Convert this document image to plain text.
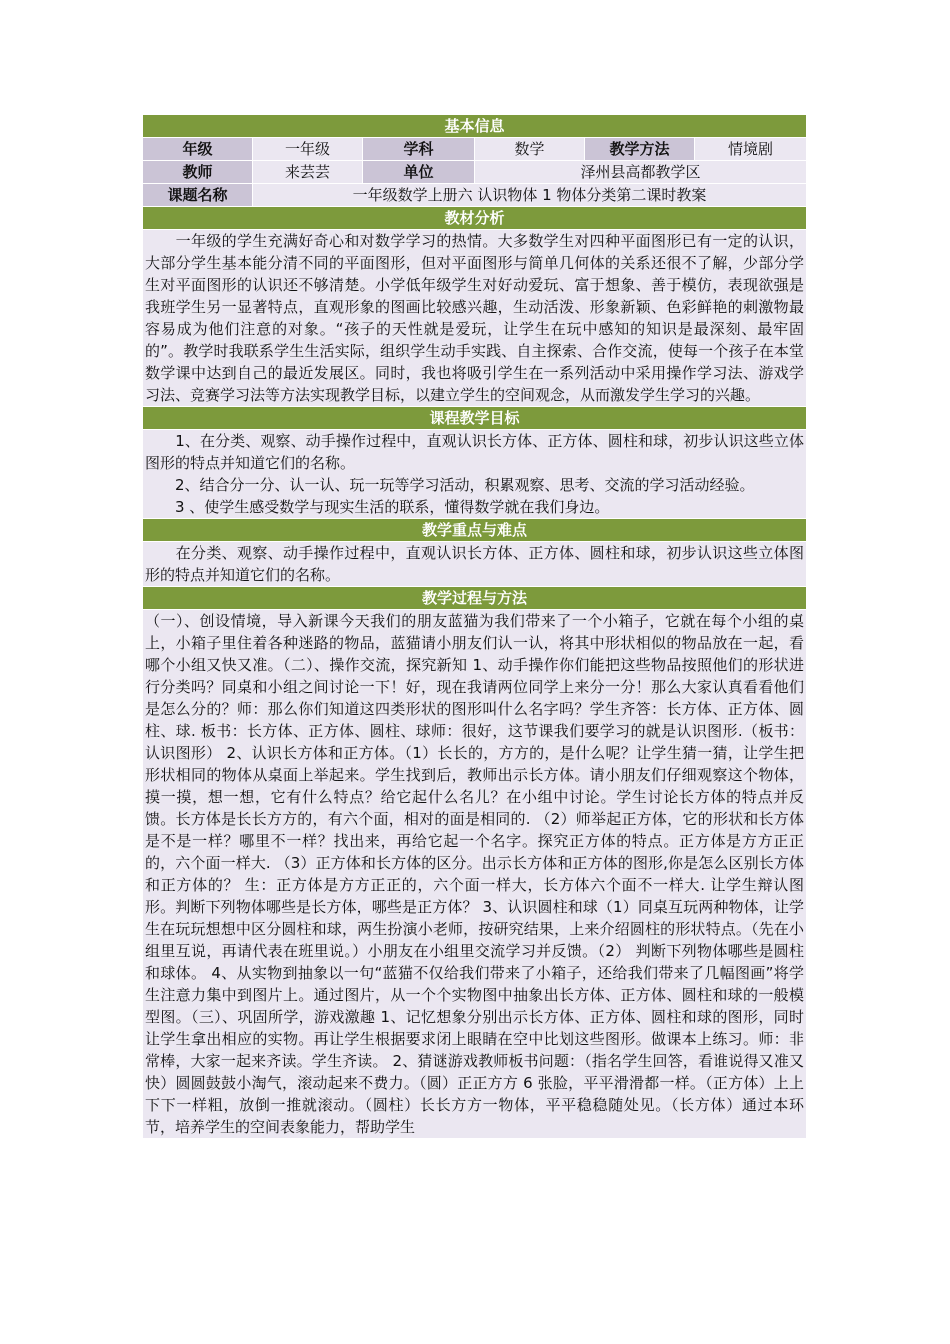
基本信息
年级	一年级	学科	数学	教学方法	情境剧
教师	来芸芸	单位	泽州县高都教学区
课题名称	一年级数学上册六 认识物体 1 物体分类第二课时教案
教材分析

　　一年级的学生充满好奇心和对数学学习的热情。大多数学生对四种平面图形已有一定的认识，大部分学生基本能分清不同的平面图形，但对平面图形与简单几何体的关系还很不了解，少部分学生对平面图形的认识还不够清楚。小学低年级学生对好动爱玩、富于想象、善于模仿，表现欲强是我班学生另一显著特点，直观形象的图画比较感兴趣，生动活泼、形象新颖、色彩鲜艳的刺激物最容易成为他们注意的对象。“孩子的天性就是爱玩，让学生在玩中感知的知识是最深刻、最牢固的”。教学时我联系学生生活实际，组织学生动手实践、自主探索、合作交流，使每一个孩子在本堂数学课中达到自己的最近发展区。同时，我也将吸引学生在一系列活动中采用操作学习法、游戏学习法、竞赛学习法等方法实现教学目标，以建立学生的空间观念，从而激发学生学习的兴趣。

课程教学目标

　　1、在分类、观察、动手操作过程中，直观认识长方体、正方体、圆柱和球，初步认识这些立体图形的特点并知道它们的名称。

　　2、结合分一分、认一认、玩一玩等学习活动，积累观察、思考、交流的学习活动经验。

　　3 、使学生感受数学与现实生活的联系，懂得数学就在我们身边。

教学重点与难点

　　在分类、观察、动手操作过程中，直观认识长方体、正方体、圆柱和球，初步认识这些立体图形的特点并知道它们的名称。

教学过程与方法

（一）、创设情境，导入新课今天我们的朋友蓝猫为我们带来了一个小箱子，它就在每个小组的桌上，小箱子里住着各种迷路的物品，蓝猫请小朋友们认一认，将其中形状相似的物品放在一起，看哪个小组又快又准。（二）、操作交流，探究新知 1、动手操作你们能把这些物品按照他们的形状进行分类吗？同桌和小组之间讨论一下！好，现在我请两位同学上来分一分！那么大家认真看看他们是怎么分的？师：那么你们知道这四类形状的图形叫什么名字吗？学生齐答：长方体、正方体、圆柱、球. 板书：长方体、正方体、圆柱、球师：很好，这节课我们要学习的就是认识图形.（板书：认识图形） 2、认识长方体和正方体。（1）长长的，方方的，是什么呢？让学生猜一猜，让学生把形状相同的物体从桌面上举起来。学生找到后，教师出示长方体。请小朋友们仔细观察这个物体，摸一摸，想一想，它有什么特点？给它起什么名儿？在小组中讨论。学生讨论长方体的特点并反馈。长方体是长长方方的，有六个面，相对的面是相同的. （2）师举起正方体，它的形状和长方体是不是一样？哪里不一样？找出来，再给它起一个名字。探究正方体的特点。正方体是方方正正的，六个面一样大. （3）正方体和长方体的区分。出示长方体和正方体的图形,你是怎么区别长方体和正方体的？ 生：正方体是方方正正的，六个面一样大，长方体六个面不一样大. 让学生辩认图形。判断下列物体哪些是长方体，哪些是正方体？ 3、认识圆柱和球（1）同桌互玩两种物体，让学生在玩玩想想中区分圆柱和球，两生扮演小老师，按研究结果，上来介绍圆柱的形状特点。（先在小组里互说，再请代表在班里说。）小朋友在小组里交流学习并反馈。（2） 判断下列物体哪些是圆柱和球体。 4、从实物到抽象以一句“蓝猫不仅给我们带来了小箱子，还给我们带来了几幅图画”将学生注意力集中到图片上。通过图片，从一个个实物图中抽象出长方体、正方体、圆柱和球的一般模型图。（三）、巩固所学，游戏激趣 1、记忆想象分别出示长方体、正方体、圆柱和球的图形，同时让学生拿出相应的实物。再让学生根据要求闭上眼睛在空中比划这些图形。做课本上练习。师：非常棒，大家一起来齐读。学生齐读。 2、猜谜游戏教师板书问题：（指名学生回答，看谁说得又准又快）圆圆鼓鼓小淘气，滚动起来不费力。（圆）正正方方 6 张脸，平平滑滑都一样。（正方体）上上下下一样粗，放倒一推就滚动。（圆柱）长长方方一物体，平平稳稳随处见。（长方体）通过本环节，培养学生的空间表象能力，帮助学生
